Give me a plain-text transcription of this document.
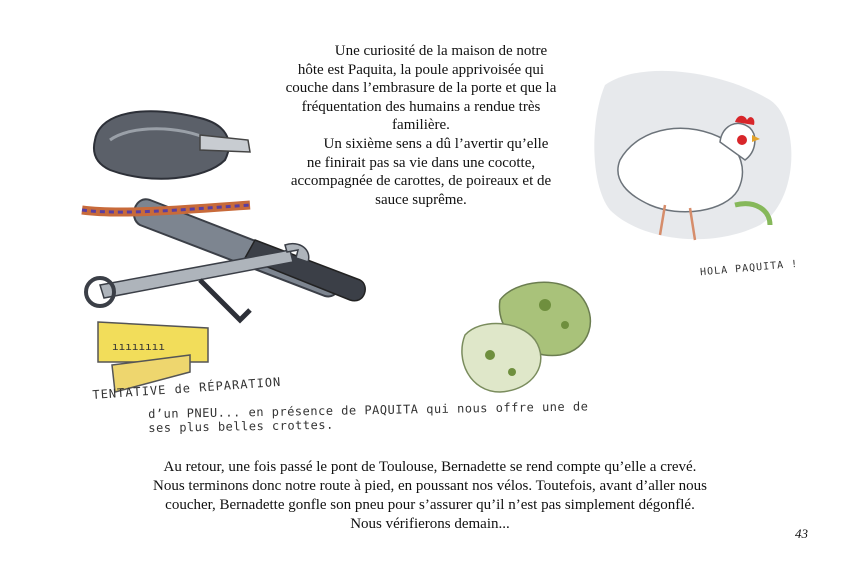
Une curiosité de la maison de notre

hôte est Paquita, la poule apprivoisée qui

couche dans l’embrasure de la porte et que la

fréquentation des humains a rendue très

familière.

Un sixième sens a dû l’avertir qu’elle

ne finirait pas sa vie dans une cocotte,

accompagnée de carottes, de poireaux et de

sauce suprême.

ıııııııı
TENTATIVE de RÉPARATION
d’un PNEU... en présence de PAQUITA qui nous offre une de ses plus belles crottes.
HOLA PAQUITA !
Au retour, une fois passé le pont de Toulouse, Bernadette se rend compte qu’elle a crevé.
Nous terminons donc notre route à pied, en poussant nos vélos. Toutefois, avant d’aller nous
coucher, Bernadette gonfle son pneu pour s’assurer qu’il n’est pas simplement dégonflé.
Nous vérifierons demain...
43
